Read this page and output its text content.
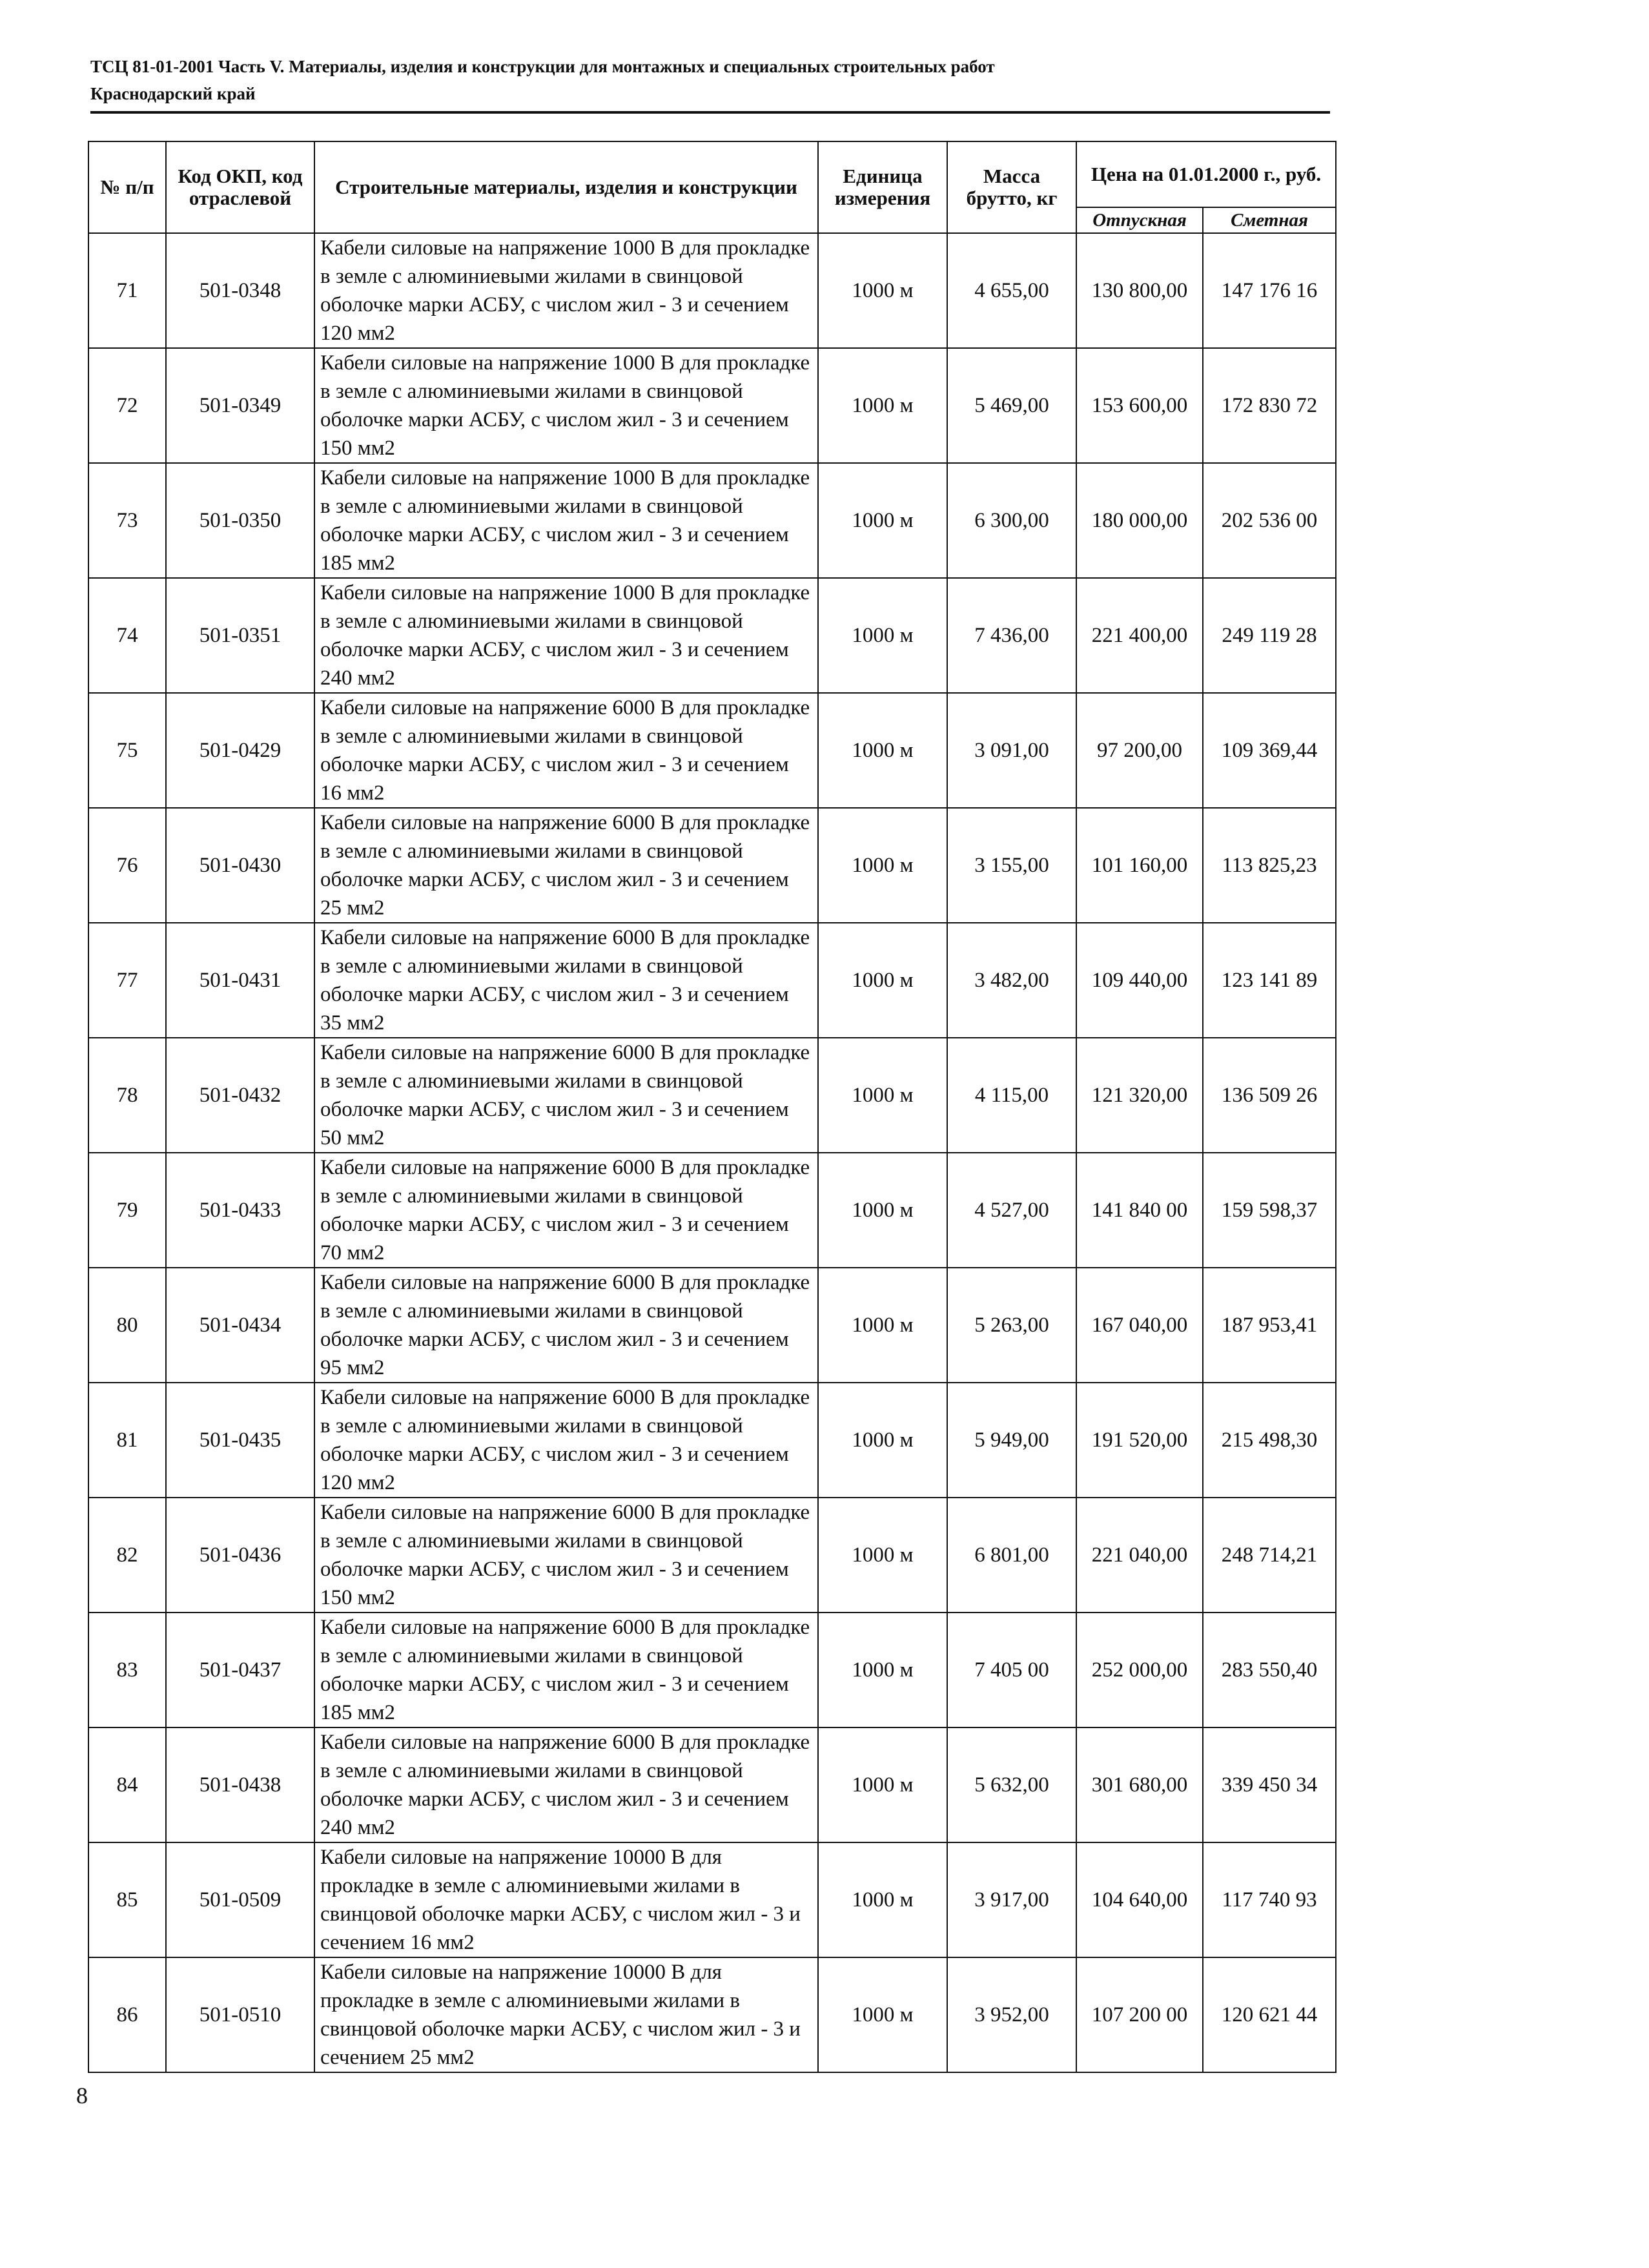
ТСЦ 81-01-2001 Часть V. Материалы, изделия и конструкции для монтажных и специальных строительных работ
Краснодарский край
№ п/п	Код ОКП, код отраслевой	Строительные материалы, изделия и конструкции	Единица измерения	Масса брутто, кг	Цена на 01.01.2000 г., руб.	
					Отпускная	Сметная
71	501-0348	Кабели силовые на напряжение 1000 В для прокладке в земле с алюминиевыми жилами в свинцовой оболочке марки АСБУ, с числом жил - 3 и сечением 120 мм2	1000 м	4 655,00	130 800,00	147 176 16
72	501-0349	Кабели силовые на напряжение 1000 В для прокладке в земле с алюминиевыми жилами в свинцовой оболочке марки АСБУ, с числом жил - 3 и сечением 150 мм2	1000 м	5 469,00	153 600,00	172 830 72
73	501-0350	Кабели силовые на напряжение 1000 В для прокладке в земле с алюминиевыми жилами в свинцовой оболочке марки АСБУ, с числом жил - 3 и сечением 185 мм2	1000 м	6 300,00	180 000,00	202 536 00
74	501-0351	Кабели силовые на напряжение 1000 В для прокладке в земле с алюминиевыми жилами в свинцовой оболочке марки АСБУ, с числом жил - 3 и сечением 240 мм2	1000 м	7 436,00	221 400,00	249 119 28
75	501-0429	Кабели силовые на напряжение 6000 В для прокладке в земле с алюминиевыми жилами в свинцовой оболочке марки АСБУ, с числом жил - 3 и сечением 16 мм2	1000 м	3 091,00	97 200,00	109 369,44
76	501-0430	Кабели силовые на напряжение 6000 В для прокладке в земле с алюминиевыми жилами в свинцовой оболочке марки АСБУ, с числом жил - 3 и сечением 25 мм2	1000 м	3 155,00	101 160,00	113 825,23
77	501-0431	Кабели силовые на напряжение 6000 В для прокладке в земле с алюминиевыми жилами в свинцовой оболочке марки АСБУ, с числом жил - 3 и сечением 35 мм2	1000 м	3 482,00	109 440,00	123 141 89
78	501-0432	Кабели силовые на напряжение 6000 В для прокладке в земле с алюминиевыми жилами в свинцовой оболочке марки АСБУ, с числом жил - 3 и сечением 50 мм2	1000 м	4 115,00	121 320,00	136 509 26
79	501-0433	Кабели силовые на напряжение 6000 В для прокладке в земле с алюминиевыми жилами в свинцовой оболочке марки АСБУ, с числом жил - 3 и сечением 70 мм2	1000 м	4 527,00	141 840 00	159 598,37
80	501-0434	Кабели силовые на напряжение 6000 В для прокладке в земле с алюминиевыми жилами в свинцовой оболочке марки АСБУ, с числом жил - 3 и сечением 95 мм2	1000 м	5 263,00	167 040,00	187 953,41
81	501-0435	Кабели силовые на напряжение 6000 В для прокладке в земле с алюминиевыми жилами в свинцовой оболочке марки АСБУ, с числом жил - 3 и сечением 120 мм2	1000 м	5 949,00	191 520,00	215 498,30
82	501-0436	Кабели силовые на напряжение 6000 В для прокладке в земле с алюминиевыми жилами в свинцовой оболочке марки АСБУ, с числом жил - 3 и сечением 150 мм2	1000 м	6 801,00	221 040,00	248 714,21
83	501-0437	Кабели силовые на напряжение 6000 В для прокладке в земле с алюминиевыми жилами в свинцовой оболочке марки АСБУ, с числом жил - 3 и сечением 185 мм2	1000 м	7 405 00	252 000,00	283 550,40
84	501-0438	Кабели силовые на напряжение 6000 В для прокладке в земле с алюминиевыми жилами в свинцовой оболочке марки АСБУ, с числом жил - 3 и сечением 240 мм2	1000 м	5 632,00	301 680,00	339 450 34
85	501-0509	Кабели силовые на напряжение 10000 В для прокладке в земле с алюминиевыми жилами в свинцовой оболочке марки АСБУ, с числом жил - 3 и сечением 16 мм2	1000 м	3 917,00	104 640,00	117 740 93
86	501-0510	Кабели силовые на напряжение 10000 В для прокладке в земле с алюминиевыми жилами в свинцовой оболочке марки АСБУ, с числом жил - 3 и сечением 25 мм2	1000 м	3 952,00	107 200 00	120 621 44
8
